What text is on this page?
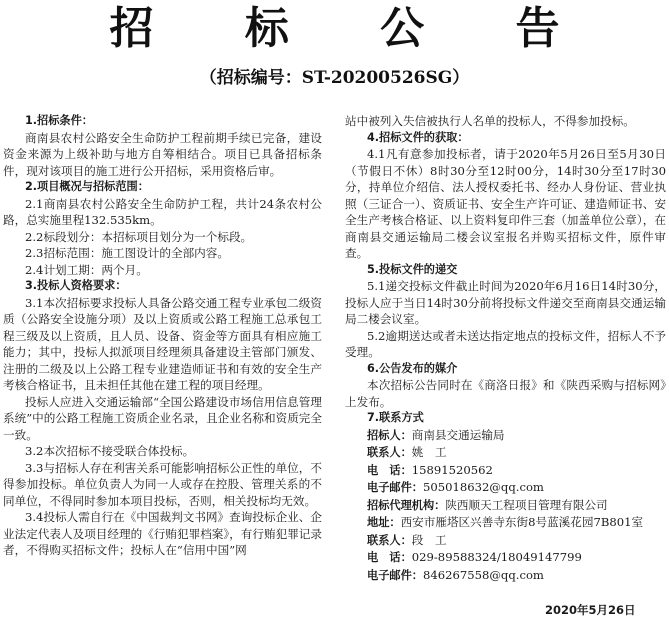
招 标 公 告
（招标编号：ST-20200526SG）

1.招标条件：

商南县农村公路安全生命防护工程前期手续已完备，建设资金来源为上级补助与地方自筹相结合。项目已具备招标条件，现对该项目的施工进行公开招标，采用资格后审。

2.项目概况与招标范围：

2.1商南县农村公路安全生命防护工程，共计24条农村公路，总实施里程132.535km。

2.2标段划分：本招标项目划分为一个标段。

2.3招标范围：施工图设计的全部内容。

2.4计划工期：两个月。

3.投标人资格要求：

3.1本次招标要求投标人具备公路交通工程专业承包二级资质（公路安全设施分项）及以上资质或公路工程施工总承包工程三级及以上资质，且人员、设备、资金等方面具有相应施工能力；其中，投标人拟派项目经理须具备建设主管部门颁发、注册的二级及以上公路工程专业建造师证书和有效的安全生产考核合格证书，且未担任其他在建工程的项目经理。

投标人应进入交通运输部“全国公路建设市场信用信息管理系统”中的公路工程施工资质企业名录，且企业名称和资质完全一致。

3.2本次招标不接受联合体投标。

3.3与招标人存在利害关系可能影响招标公正性的单位，不得参加投标。单位负责人为同一人或存在控股、管理关系的不同单位，不得同时参加本项目投标，否则，相关投标均无效。

3.4投标人需自行在《中国裁判文书网》查询投标企业、企业法定代表人及项目经理的《行贿犯罪档案》，有行贿犯罪记录者，不得购买招标文件；投标人在“信用中国”网

站中被列入失信被执行人名单的投标人，不得参加投标。

4.招标文件的获取：

4.1凡有意参加投标者，请于2020年5月26日至5月30日（节假日不休）8时30分至12时00分，14时30分至17时30分，持单位介绍信、法人授权委托书、经办人身份证、营业执照（三证合一）、资质证书、安全生产许可证、建造师证书、安全生产考核合格证、以上资料复印件三套（加盖单位公章），在商南县交通运输局二楼会议室报名并购买招标文件，原件审查。

5.投标文件的递交

5.1递交投标文件截止时间为2020年6月16日14时30分，投标人应于当日14时30分前将投标文件递交至商南县交通运输局二楼会议室。

5.2逾期送达或者未送达指定地点的投标文件，招标人不予受理。

6.公告发布的媒介

本次招标公告同时在《商洛日报》和《陕西采购与招标网》上发布。

7.联系方式

招标人：商南县交通运输局

联系人：姚　工

电　话：15891520562

电子邮件：505018632@qq.com

招标代理机构：陕西顺天工程项目管理有限公司

地址：西安市雁塔区兴善寺东街8号蓝溪花园7B801室

联系人：段　工

电　话：029-89588324/18049147799

电子邮件：846267558@qq.com

2020年5月26日
